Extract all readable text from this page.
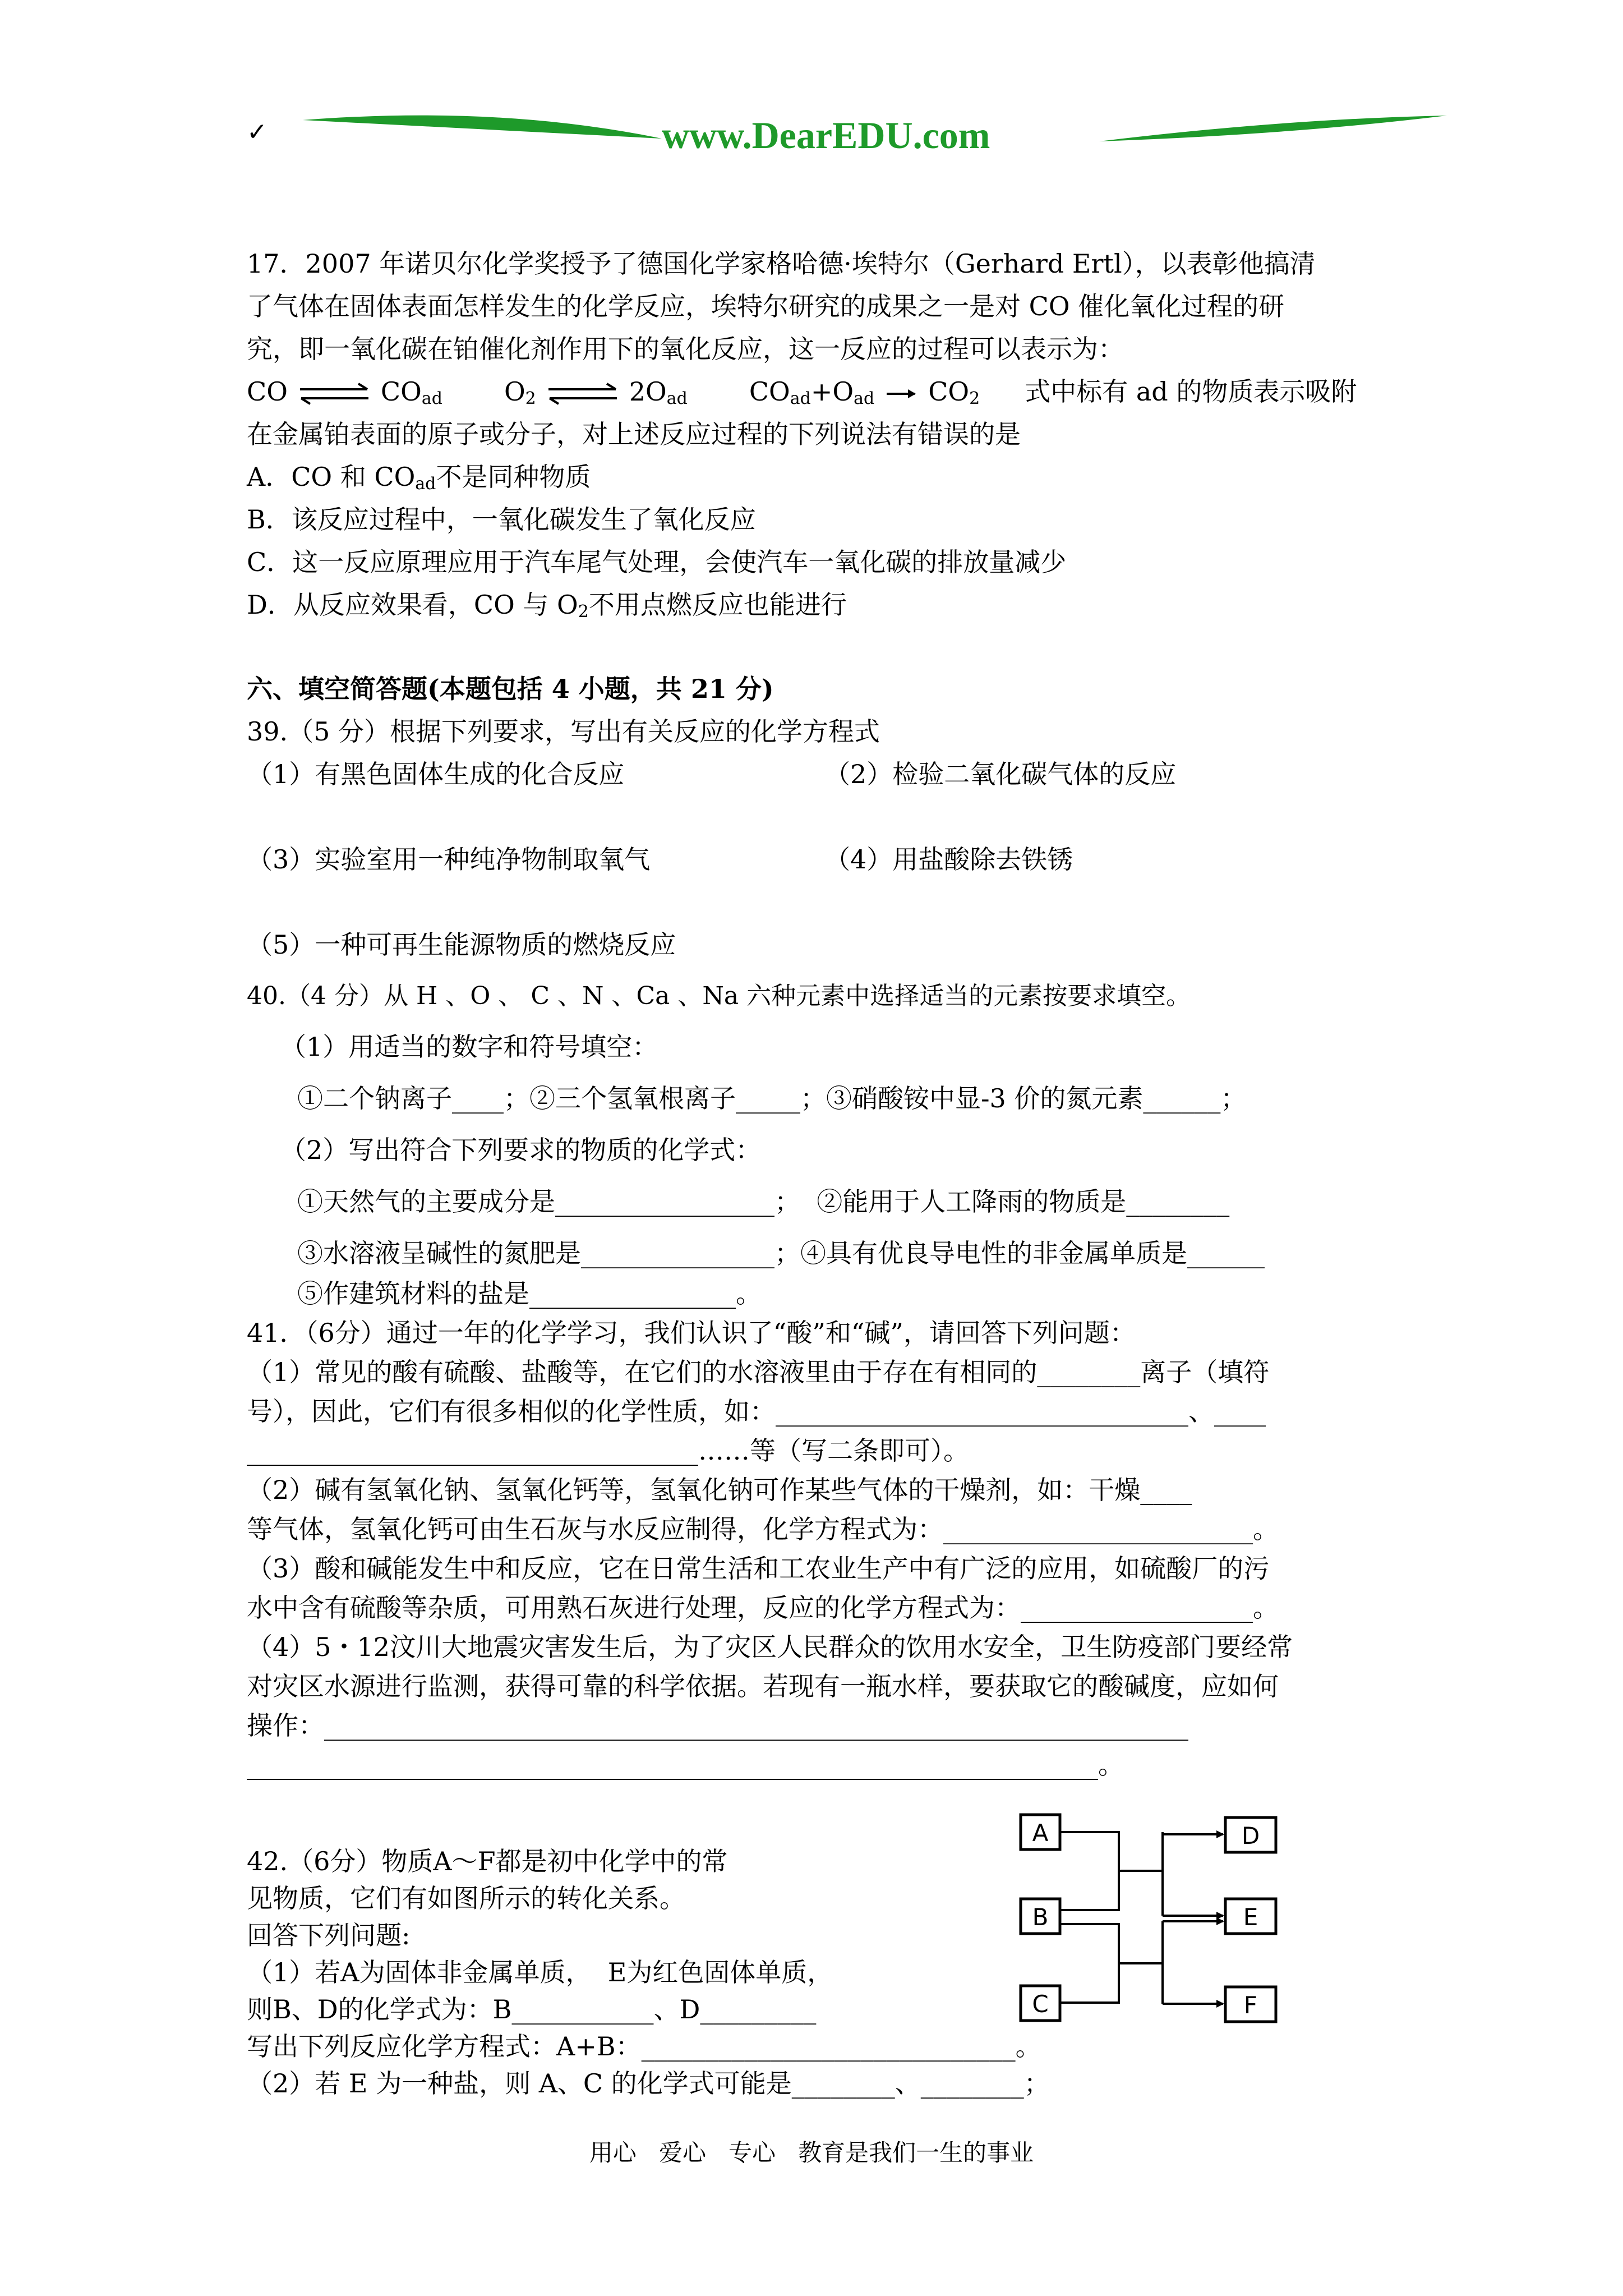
✓	www.DearEDU.com
17．2007 年诺贝尔化学奖授予了德国化学家格哈德·埃特尔（Gerhard Ertl），以表彰他搞清
了气体在固体表面怎样发生的化学反应，埃特尔研究的成果之一是对 CO 催化氧化过程的研
究，即一氧化碳在铂催化剂作用下的氧化反应，这一反应的过程可以表示为：
CO ⇌ $CO_{ad}$ $O_2$ ⇌ $2O_{ad}$ $CO_{ad}+O_{ad}$ $CO_2$ 式中标有 ad 的物质表示吸附
在金属铂表面的原子或分子，对上述反应过程的下列说法有错误的是
A．CO 和 $CO_{ad}$不是同种物质
B．该反应过程中，一氧化碳发生了氧化反应
C．这一反应原理应用于汽车尾气处理，会使汽车一氧化碳的排放量减少
D．从反应效果看，CO 与 $O_2$不用点燃反应也能进行
六、填空简答题(本题包括 4 小题，共 21 分)
39.（5 分）根据下列要求，写出有关反应的化学方程式
（1）有黑色固体生成的化合反应	（2）检验二氧化碳气体的反应
（3）实验室用一种纯净物制取氧气	（4）用盐酸除去铁锈
（5）一种可再生能源物质的燃烧反应
40.（4 分）从 H 、O 、 C 、N 、Ca 、Na 六种元素中选择适当的元素按要求填空。
（1）用适当的数字和符号填空：
①二个钠离子____；②三个氢氧根离子_____；③硝酸铵中显-3 价的氮元素______；
（2）写出符合下列要求的物质的化学式：
①天然气的主要成分是_________________；  ②能用于人工降雨的物质是________
③水溶液呈碱性的氮肥是_______________；④具有优良导电性的非金属单质是______
⑤作建筑材料的盐是________________。
41．（6分）通过一年的化学学习，我们认识了“酸”和“碱”，请回答下列问题：
（1）常见的酸有硫酸、盐酸等，在它们的水溶液里由于存在有相同的________离子（填符
号），因此，它们有很多相似的化学性质，如：________________________________、____
___________________________________……等（写二条即可）。
（2）碱有氢氧化钠、氢氧化钙等，氢氧化钠可作某些气体的干燥剂，如：干燥____
等气体，氢氧化钙可由生石灰与水反应制得，化学方程式为：________________________。
（3）酸和碱能发生中和反应，它在日常生活和工农业生产中有广泛的应用，如硫酸厂的污
水中含有硫酸等杂质，可用熟石灰进行处理，反应的化学方程式为：__________________。
（4）5・12汶川大地震灾害发生后，为了灾区人民群众的饮用水安全，卫生防疫部门要经常
对灾区水源进行监测，获得可靠的科学依据。若现有一瓶水样，要获取它的酸碱度，应如何
操作：___________________________________________________________________
__________________________________________________________________。
42.（6分）物质A～F都是初中化学中的常
见物质，它们有如图所示的转化关系。
回答下列问题:
（1）若A为固体非金属单质，  E为红色固体单质，
则B、D的化学式为：B___________、D_________
写出下列反应化学方程式：A+B：_____________________________。
（2）若 E 为一种盐，则 A、C 的化学式可能是________、________；
A
B
C
D
E
F
用心   爱心   专心   教育是我们一生的事业
